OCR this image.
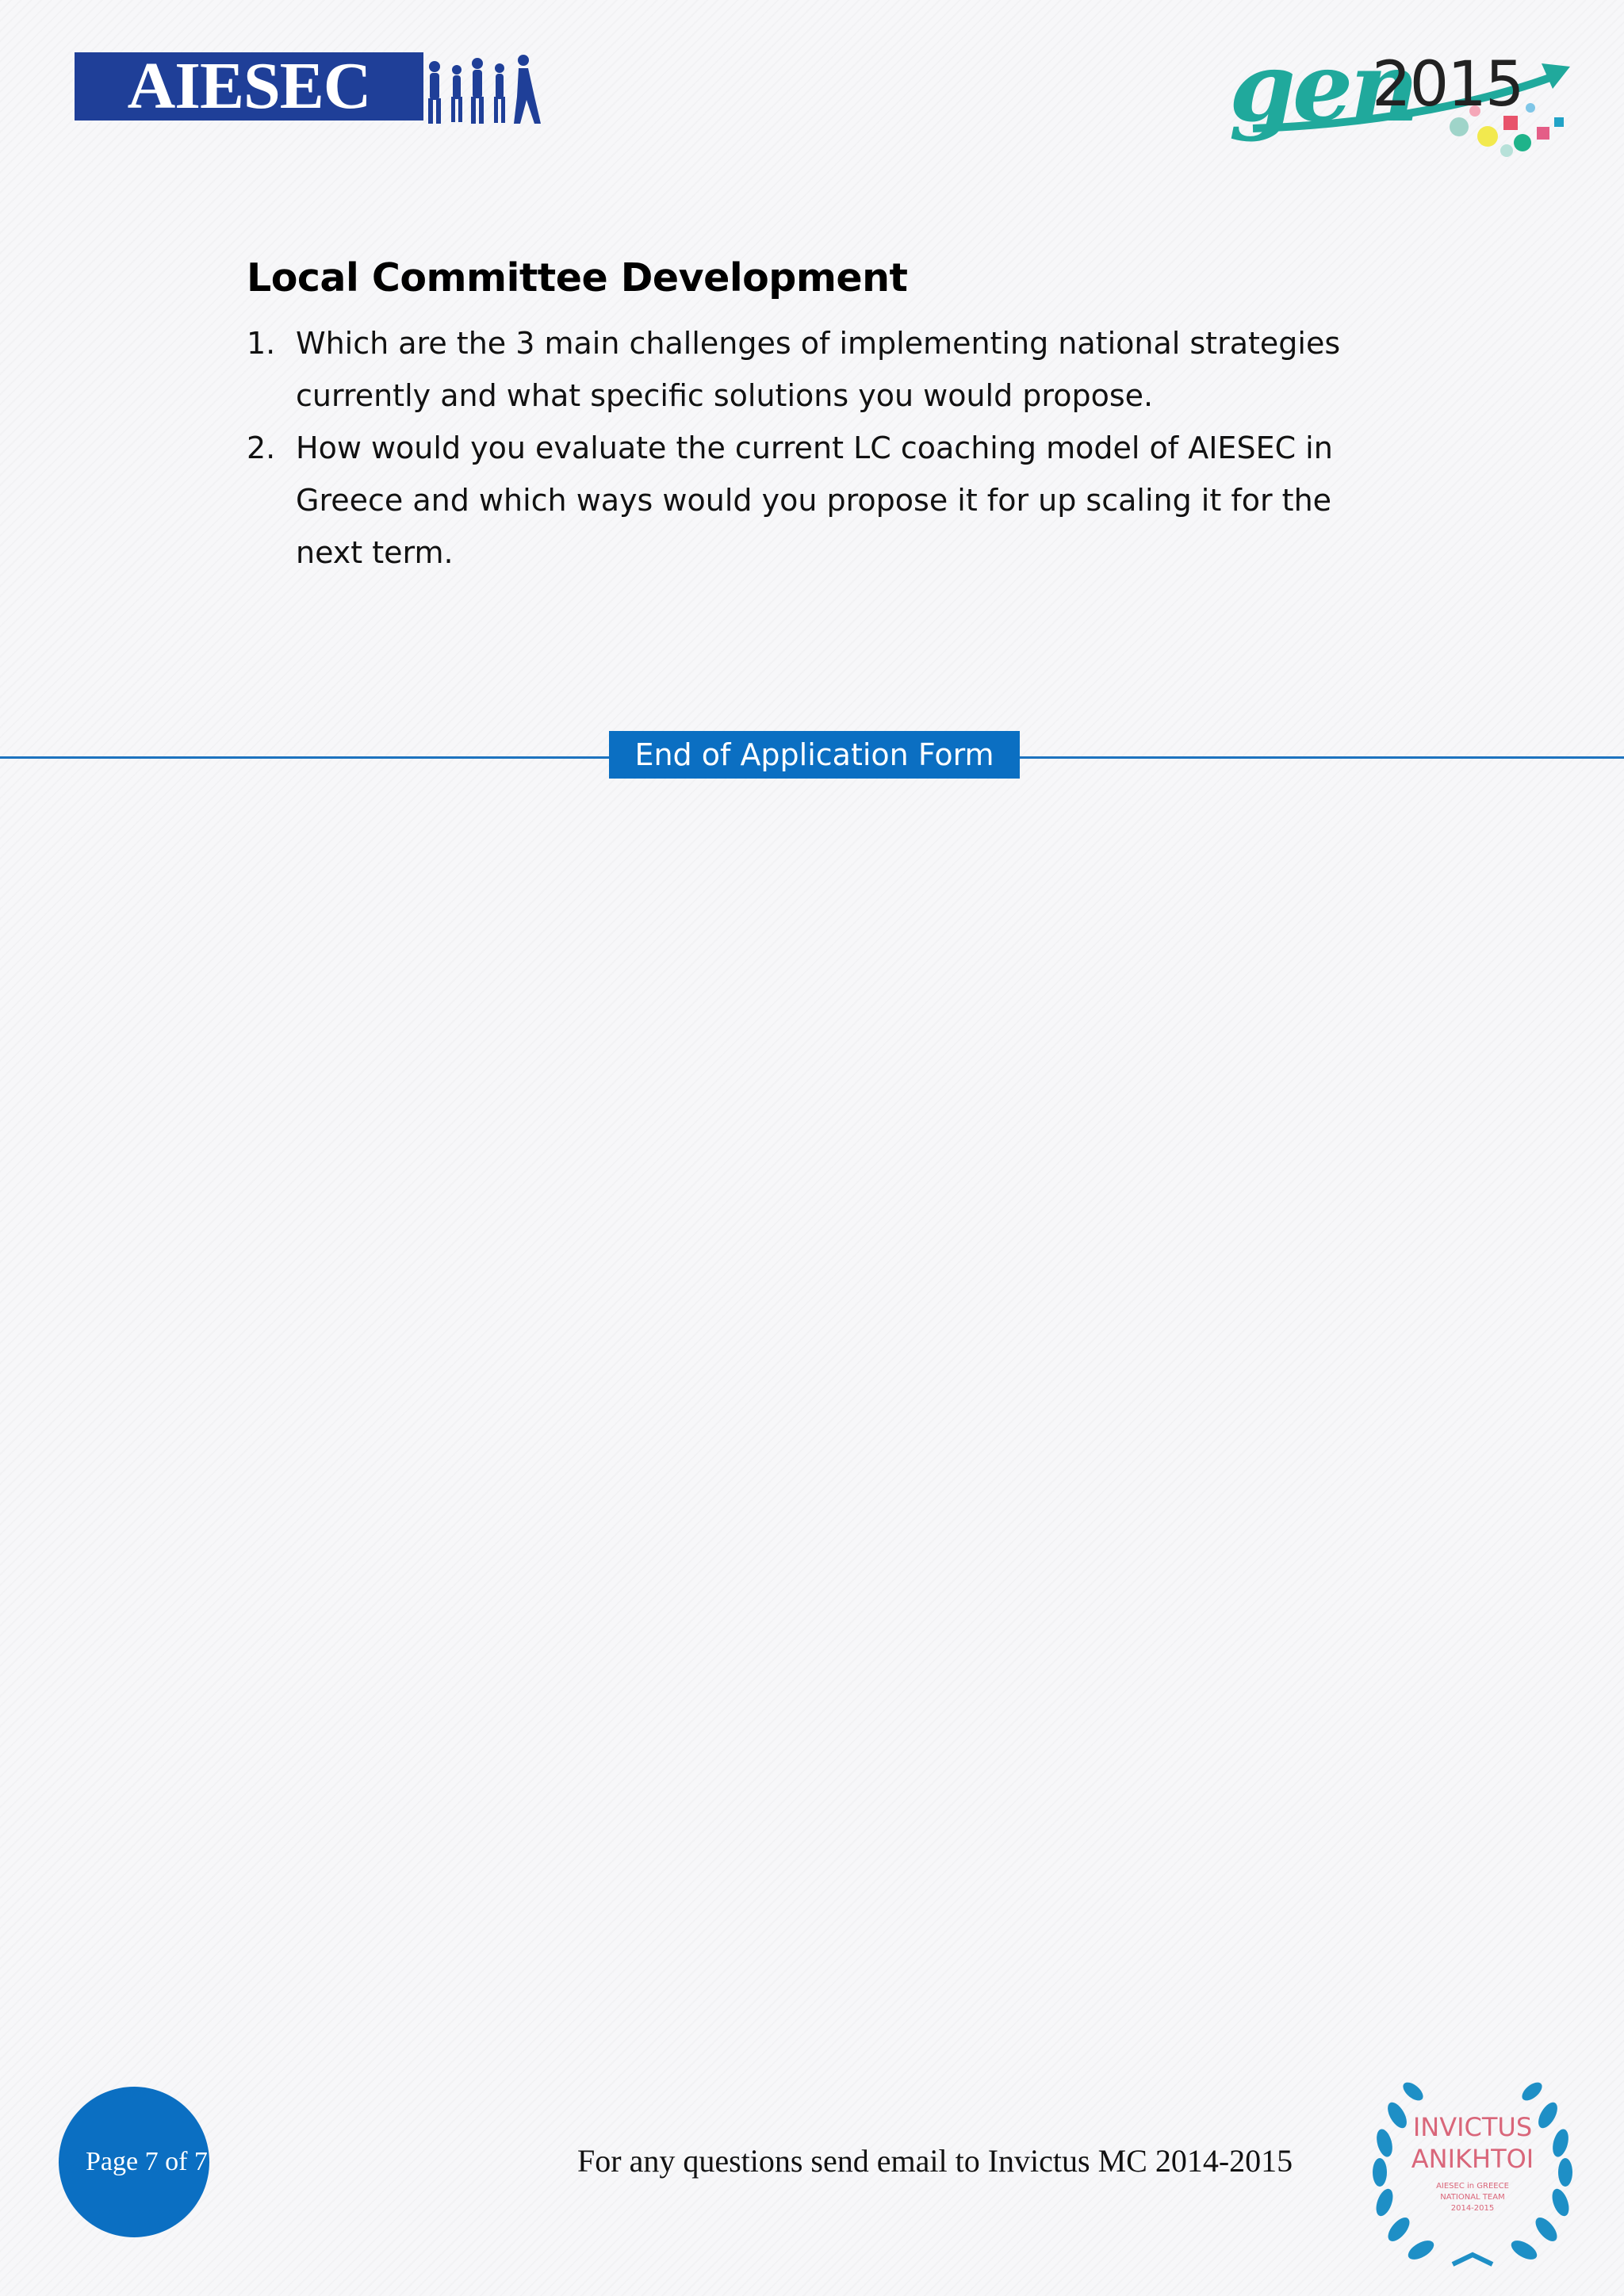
AIESEC	gen
2015
Local Committee Development
1. Which are the 3 main challenges of implementing national strategies currently and what specific solutions you would propose.
2. How would you evaluate the current LC coaching model of AIESEC in Greece and which ways would you propose it for up scaling it for the next term.
End of Application Form
Page 7 of 7	For any questions send email to Invictus MC 2014-2015
INVICTUS
ANIKHTOI
AIESEC in GREECE
NATIONAL TEAM
2014-2015
